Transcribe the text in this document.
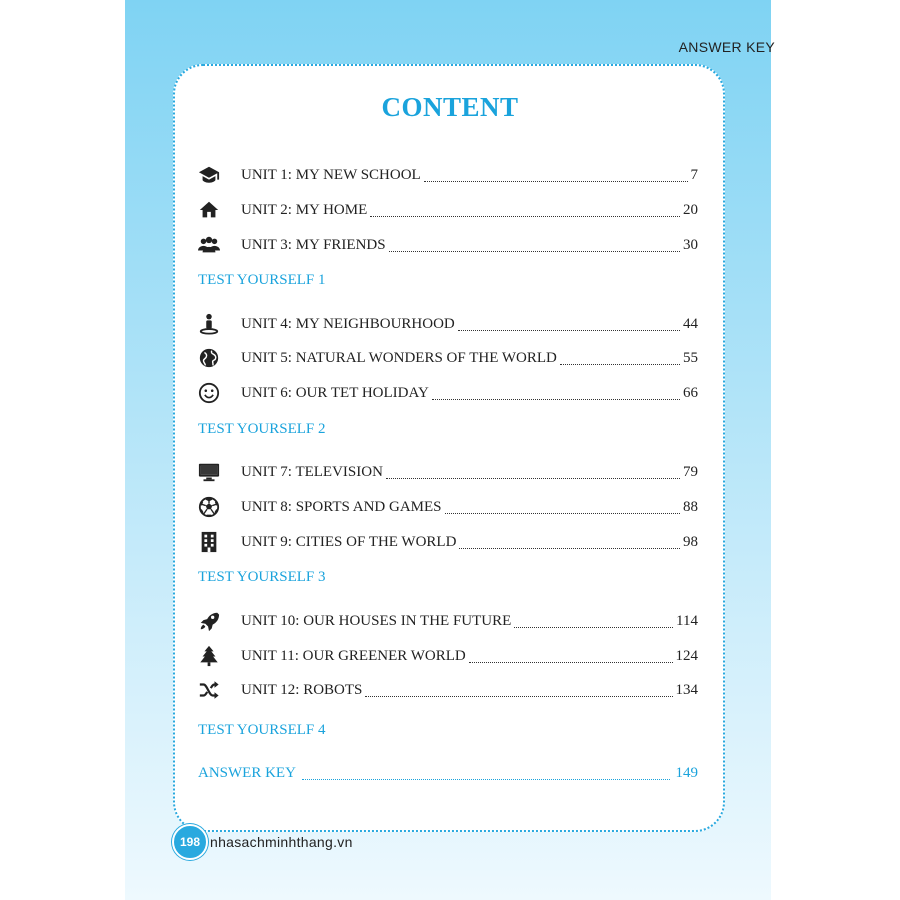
ANSWER KEY
CONTENT
UNIT 1: MY NEW SCHOOL	7
UNIT 2: MY HOME	20
UNIT 3: MY FRIENDS	30
TEST YOURSELF 1
UNIT 4: MY NEIGHBOURHOOD	44
UNIT 5: NATURAL WONDERS OF THE WORLD	55
UNIT 6: OUR TET HOLIDAY	66
TEST YOURSELF 2
UNIT 7: TELEVISION	79
UNIT 8: SPORTS AND GAMES	88
UNIT 9: CITIES OF THE WORLD	98
TEST YOURSELF 3
UNIT 10: OUR HOUSES IN THE FUTURE	114
UNIT 11: OUR GREENER WORLD	124
UNIT 12: ROBOTS	134
TEST YOURSELF 4
ANSWER KEY	149
198 nhasachminhthang.vn
